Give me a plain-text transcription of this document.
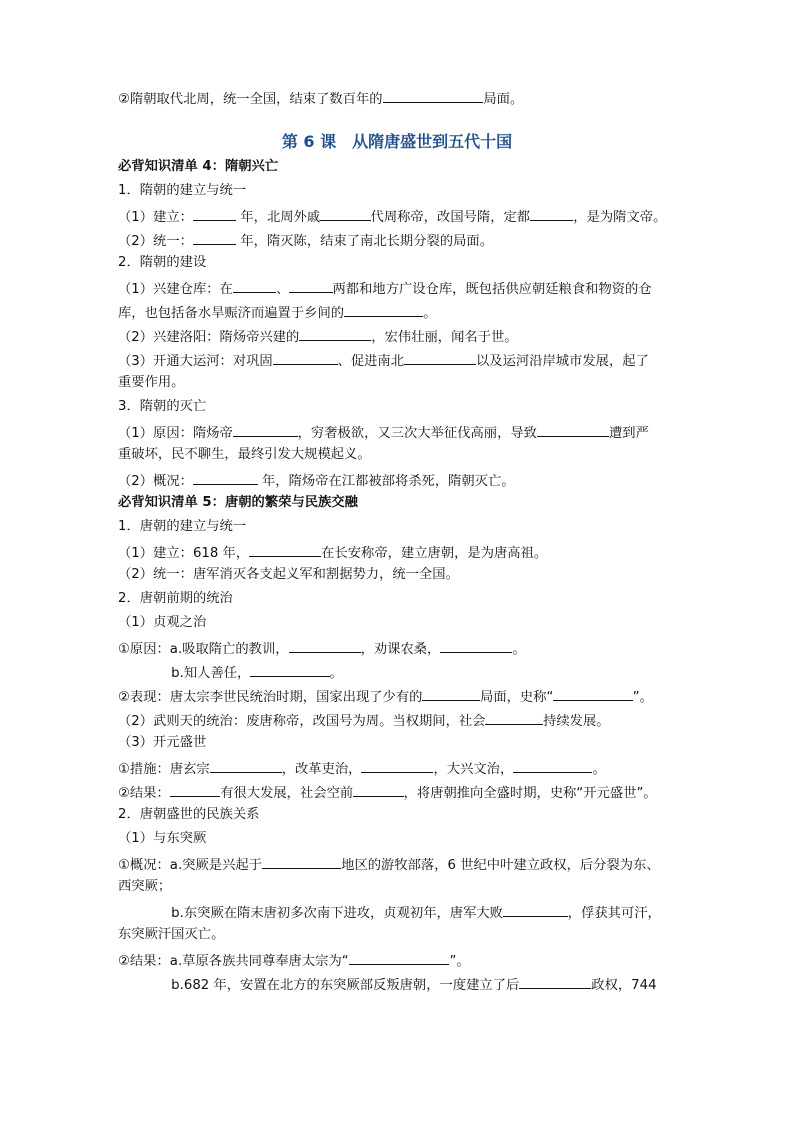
②隋朝取代北周，统一全国，结束了数百年的	局面。
第 6 课　从隋唐盛世到五代十国
必背知识清单 4：隋朝兴亡
1．隋朝的建立与统一
（1）建立：	年，北周外戚	代周称帝，改国号隋，定都	，是为隋文帝。
（2）统一：	年，隋灭陈，结束了南北长期分裂的局面。
2．隋朝的建设
（1）兴建仓库：在	、	两都和地方广设仓库，既包括供应朝廷粮食和物资的仓
库，也包括备水旱赈济而遍置于乡间的	。
（2）兴建洛阳：隋炀帝兴建的	，宏伟壮丽，闻名于世。
（3）开通大运河：对巩固	、促进南北	以及运河沿岸城市发展，起了
重要作用。
3．隋朝的灭亡
（1）原因：隋炀帝	，穷奢极欲，又三次大举征伐高丽，导致	遭到严
重破坏，民不聊生，最终引发大规模起义。
（2）概况：	年，隋炀帝在江都被部将杀死，隋朝灭亡。
必背知识清单 5：唐朝的繁荣与民族交融
1．唐朝的建立与统一
（1）建立：618 年，	在长安称帝，建立唐朝，是为唐高祖。
（2）统一：唐军消灭各支起义军和割据势力，统一全国。
2．唐朝前期的统治
（1）贞观之治
①原因：a.吸取隋亡的教训，	，劝课农桑，	。
　　　　b.知人善任，	。
②表现：唐太宗李世民统治时期，国家出现了少有的	局面，史称“	”。
（2）武则天的统治：废唐称帝，改国号为周。当权期间，社会	持续发展。
（3）开元盛世
①措施：唐玄宗	，改革吏治，	，大兴文治，	。
②结果：	有很大发展，社会空前	，将唐朝推向全盛时期，史称“开元盛世”。
2．唐朝盛世的民族关系
（1）与东突厥
①概况：a.突厥是兴起于	地区的游牧部落，6 世纪中叶建立政权，后分裂为东、
西突厥；
　　　　b.东突厥在隋末唐初多次南下进攻，贞观初年，唐军大败	，俘获其可汗，
东突厥汗国灭亡。
②结果：a.草原各族共同尊奉唐太宗为“	”。
　　　　b.682 年，安置在北方的东突厥部反叛唐朝，一度建立了后	政权，744
